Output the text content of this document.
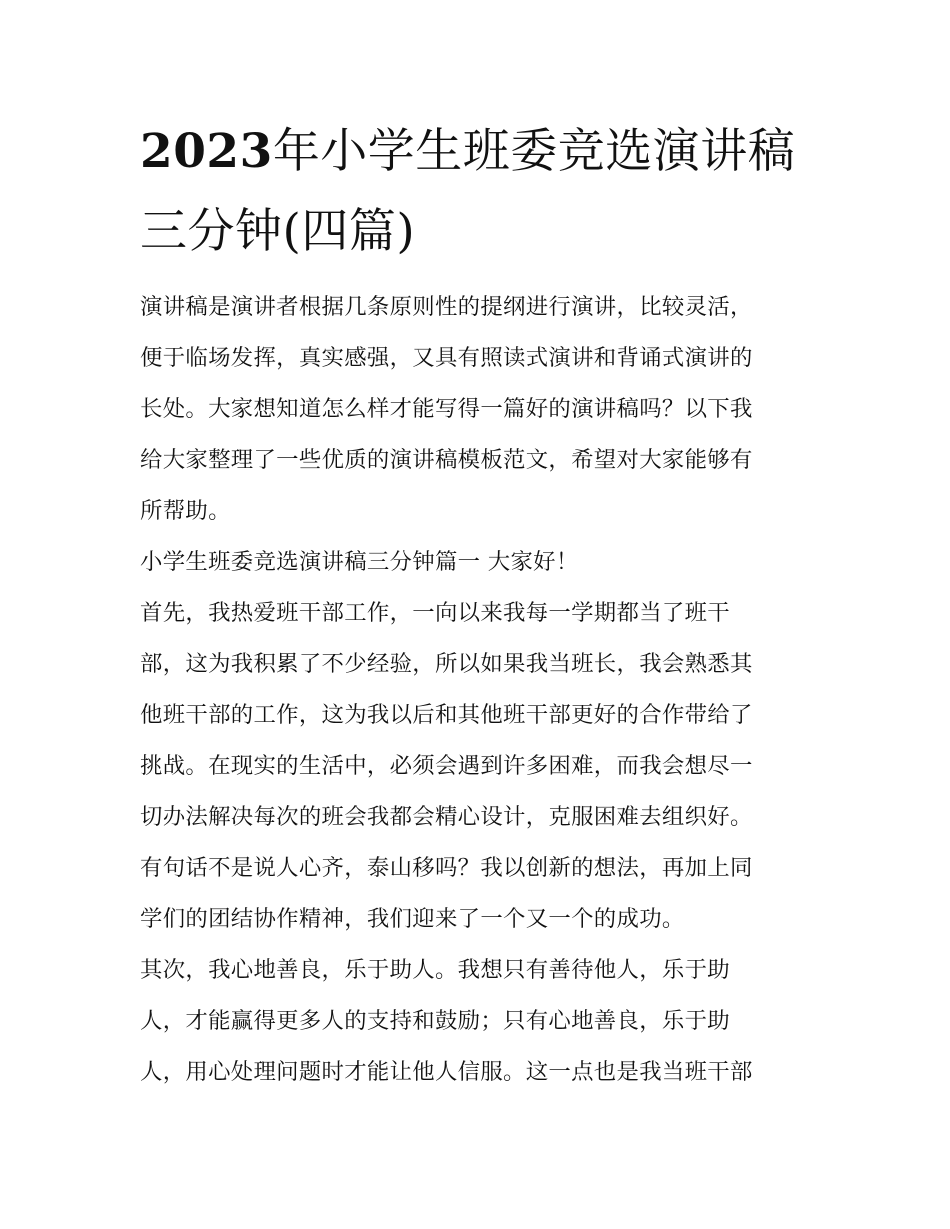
2023年小学生班委竞选演讲稿
三分钟(四篇)

演讲稿是演讲者根据几条原则性的提纲进行演讲，比较灵活，
便于临场发挥，真实感强，又具有照读式演讲和背诵式演讲的
长处。大家想知道怎么样才能写得一篇好的演讲稿吗？以下我
给大家整理了一些优质的演讲稿模板范文，希望对大家能够有
所帮助。

小学生班委竞选演讲稿三分钟篇一 大家好！

首先，我热爱班干部工作，一向以来我每一学期都当了班干
部，这为我积累了不少经验，所以如果我当班长，我会熟悉其
他班干部的工作，这为我以后和其他班干部更好的合作带给了
挑战。在现实的生活中，必须会遇到许多困难，而我会想尽一
切办法解决每次的班会我都会精心设计，克服困难去组织好。
有句话不是说人心齐，泰山移吗？我以创新的想法，再加上同
学们的团结协作精神，我们迎来了一个又一个的成功。

其次，我心地善良，乐于助人。我想只有善待他人，乐于助
人，才能赢得更多人的支持和鼓励；只有心地善良，乐于助
人，用心处理问题时才能让他人信服。这一点也是我当班干部
